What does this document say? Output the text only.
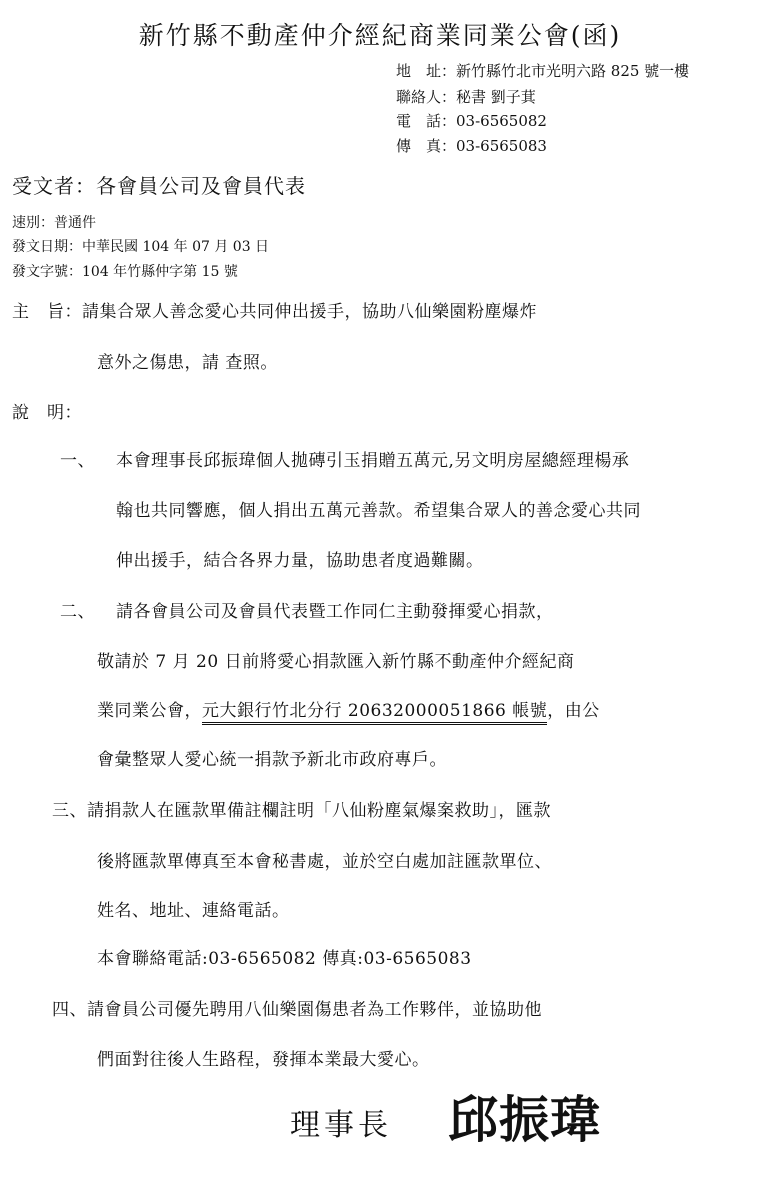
新竹縣不動產仲介經紀商業同業公會(函)
地　址：新竹縣竹北市光明六路 825 號一樓
聯絡人：秘書 劉子萁
電　話：03-6565082
傳　真：03-6565083
受文者：各會員公司及會員代表
速別：普通件
發文日期：中華民國 104 年 07 月 03 日
發文字號：104 年竹縣仲字第 15 號
主　旨：請集合眾人善念愛心共同伸出援手，協助八仙樂園粉塵爆炸
意外之傷患，請 查照。
說　明：
一、 本會理事長邱振瑋個人拋磚引玉捐贈五萬元,另文明房屋總經理楊承
翰也共同響應，個人捐出五萬元善款。希望集合眾人的善念愛心共同
伸出援手，結合各界力量，協助患者度過難關。
二、 請各會員公司及會員代表暨工作同仁主動發揮愛心捐款，
敬請於 7 月 20 日前將愛心捐款匯入新竹縣不動產仲介經紀商
業同業公會，元大銀行竹北分行 20632000051866 帳號，由公
會彙整眾人愛心統一捐款予新北市政府專戶。
三、請捐款人在匯款單備註欄註明「八仙粉塵氣爆案救助」，匯款
後將匯款單傳真至本會秘書處，並於空白處加註匯款單位、
姓名、地址、連絡電話。
本會聯絡電話:03-6565082 傳真:03-6565083
四、請會員公司優先聘用八仙樂園傷患者為工作夥伴，並協助他
們面對往後人生路程，發揮本業最大愛心。
理事長 邱振瑋
